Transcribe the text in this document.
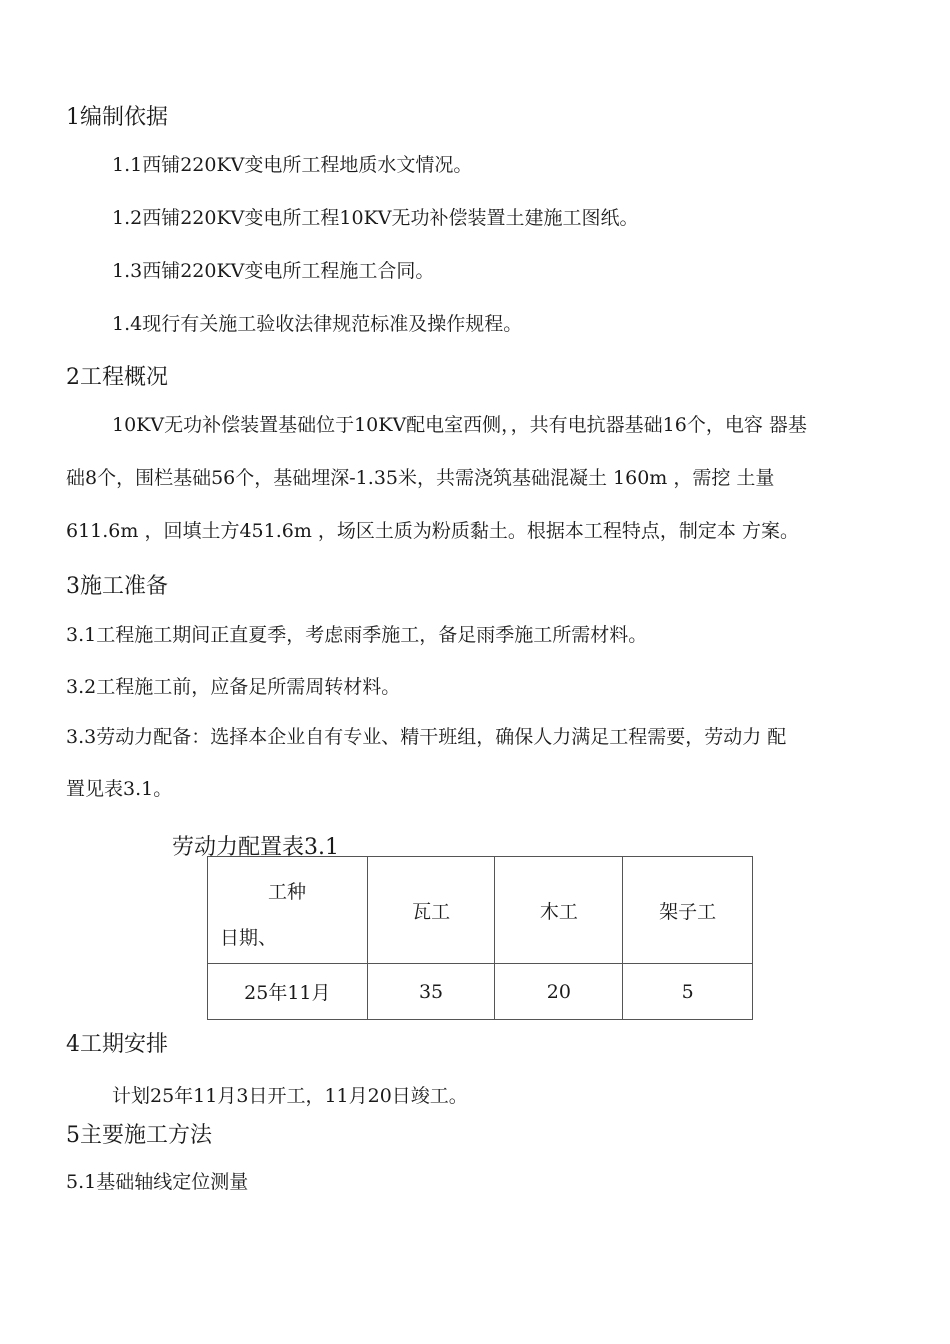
1编制依据
1.1西铺220KV变电所工程地质水文情况。
1.2西铺220KV变电所工程10KV无功补偿装置土建施工图纸。
1.3西铺220KV变电所工程施工合同。
1.4现行有关施工验收法律规范标准及操作规程。
2工程概况
10KV无功补偿装置基础位于10KV配电室西侧，，共有电抗器基础16个，电容 器基
础8个，围栏基础56个，基础埋深-1.35米，共需浇筑基础混凝土 160m ，需挖 土量
611.6m ，回填土方451.6m ，场区土质为粉质黏土。根据本工程特点，制定本 方案。
3施工准备
3.1工程施工期间正直夏季，考虑雨季施工，备足雨季施工所需材料。
3.2工程施工前，应备足所需周转材料。
3.3劳动力配备：选择本企业自有专业、精干班组，确保人力满足工程需要，劳动力 配
置见表3.1。
劳动力配置表3.1
工种
日期、	瓦工	木工	架子工
25年11月	35	20	5
4工期安排
计划25年11月3日开工，11月20日竣工。
5主要施工方法
5.1基础轴线定位测量
